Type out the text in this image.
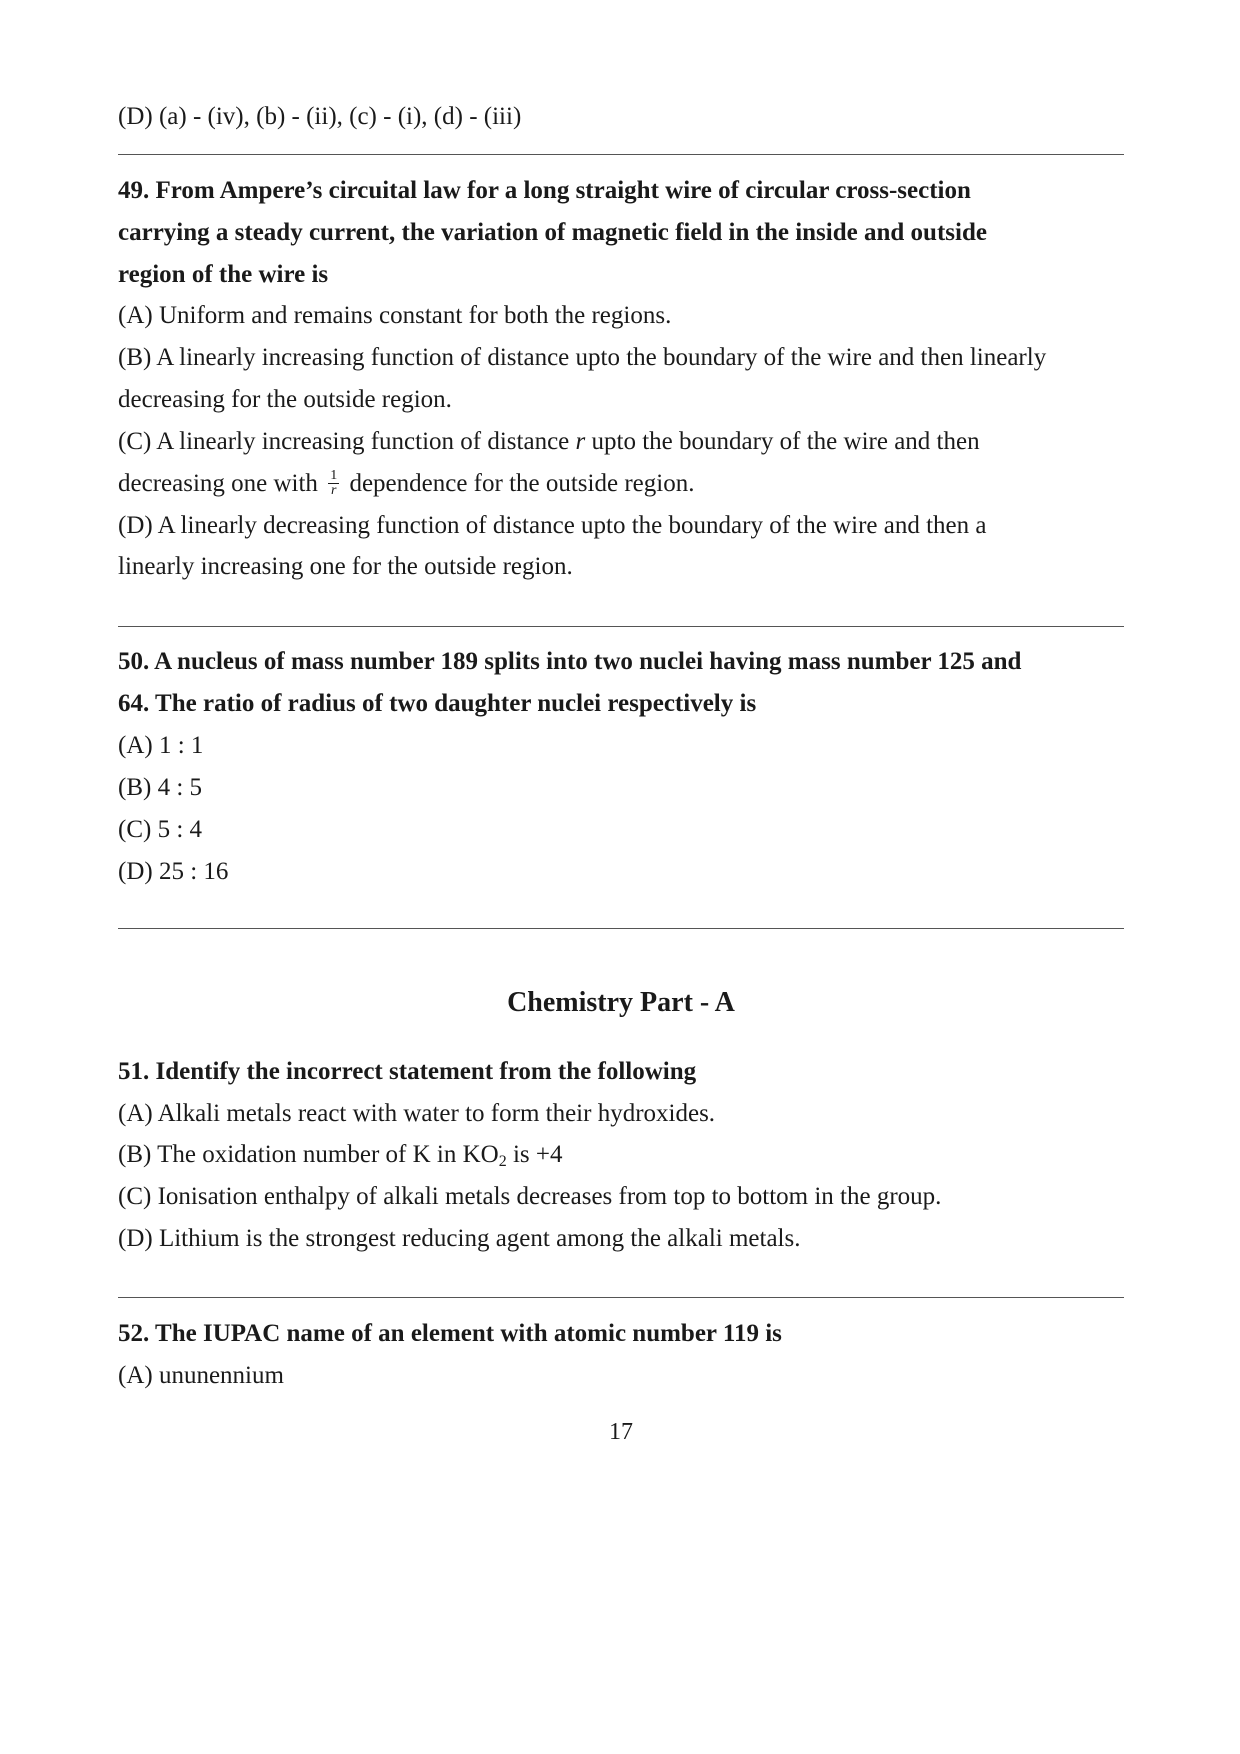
(D) (a) - (iv), (b) - (ii), (c) - (i), (d) - (iii)
49. From Ampere’s circuital law for a long straight wire of circular cross-section
carrying a steady current, the variation of magnetic field in the inside and outside
region of the wire is
(A) Uniform and remains constant for both the regions.
(B) A linearly increasing function of distance upto the boundary of the wire and then linearly
decreasing for the outside region.
(C) A linearly increasing function of distance r upto the boundary of the wire and then
decreasing one with $\frac{1}{r}$ dependence for the outside region.
(D) A linearly decreasing function of distance upto the boundary of the wire and then a
linearly increasing one for the outside region.
50. A nucleus of mass number 189 splits into two nuclei having mass number 125 and
64. The ratio of radius of two daughter nuclei respectively is
(A) 1 : 1
(B) 4 : 5
(C) 5 : 4
(D) 25 : 16
Chemistry Part - A
51. Identify the incorrect statement from the following
(A) Alkali metals react with water to form their hydroxides.
(B) The oxidation number of K in $KO_2$ is +4
(C) Ionisation enthalpy of alkali metals decreases from top to bottom in the group.
(D) Lithium is the strongest reducing agent among the alkali metals.
52. The IUPAC name of an element with atomic number 119 is
(A) ununennium
17
